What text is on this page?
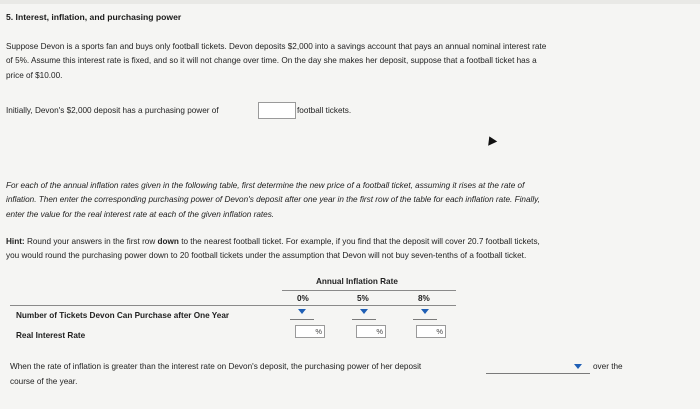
5. Interest, inflation, and purchasing power
Suppose Devon is a sports fan and buys only football tickets. Devon deposits $2,000 into a savings account that pays an annual nominal interest rate
of 5%. Assume this interest rate is fixed, and so it will not change over time. On the day she makes her deposit, suppose that a football ticket has a
price of $10.00.
Initially, Devon's $2,000 deposit has a purchasing power of	football tickets.
For each of the annual inflation rates given in the following table, first determine the new price of a football ticket, assuming it rises at the rate of
inflation. Then enter the corresponding purchasing power of Devon's deposit after one year in the first row of the table for each inflation rate. Finally,
enter the value for the real interest rate at each of the given inflation rates.
Hint: Round your answers in the first row down to the nearest football ticket. For example, if you find that the deposit will cover 20.7 football tickets,
you would round the purchasing power down to 20 football tickets under the assumption that Devon will not buy seven-tenths of a football ticket.
Annual Inflation Rate
0%	5%	8%
Number of Tickets Devon Can Purchase after One Year
Real Interest Rate	%	%	%
When the rate of inflation is greater than the interest rate on Devon's deposit, the purchasing power of her deposit	over the
course of the year.
